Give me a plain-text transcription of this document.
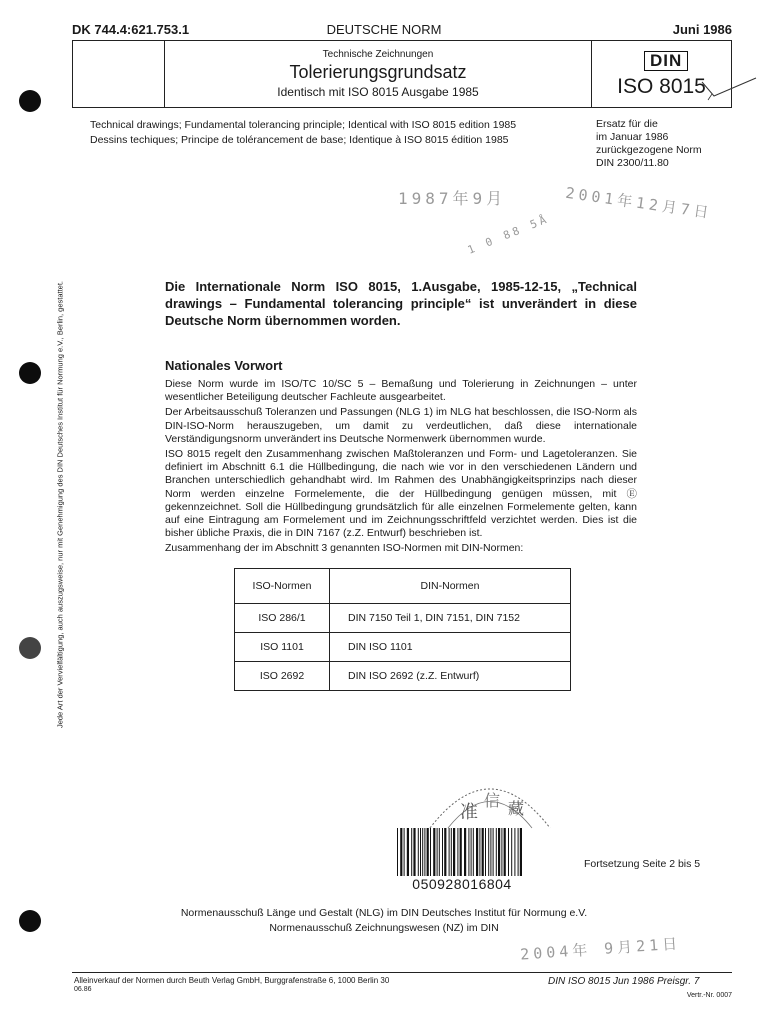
Jede Art der Vervielfältigung, auch auszugsweise, nur mit Genehmigung des DIN Deutsches Institut für Normung e.V., Berlin, gestattet.
DK 744.4:621.753.1	DEUTSCHE NORM	Juni 1986
Technische Zeichnungen
Tolerierungsgrundsatz
Identisch mit ISO 8015 Ausgabe 1985
DIN
ISO 8015
Technical drawings; Fundamental tolerancing principle; Identical with ISO 8015 edition 1985
Dessins techiques; Principe de tolérancement de base; Identique à ISO 8015 édition 1985
Ersatz für die
im Januar 1986
zurückgezogene Norm
DIN 2300/11.80
1987年9月	2001年12月7日
1 0 88 5Å
Die Internationale Norm ISO 8015, 1.Ausgabe, 1985-12-15, „Technical drawings – Fundamental tolerancing principle“ ist unverändert in diese Deutsche Norm übernommen worden.
Nationales Vorwort

Diese Norm wurde im ISO/TC 10/SC 5 – Bemaßung und Tolerierung in Zeichnungen – unter wesentlicher Beteiligung deutscher Fachleute ausgearbeitet.

Der Arbeitsausschuß Toleranzen und Passungen (NLG 1) im NLG hat beschlossen, die ISO-Norm als DIN-ISO-Norm herauszugeben, um damit zu verdeutlichen, daß diese internationale Verständigungsnorm unverändert ins Deutsche Normenwerk übernommen wurde.

ISO 8015 regelt den Zusammenhang zwischen Maßtoleranzen und Form- und Lagetoleranzen. Sie definiert im Abschnitt 6.1 die Hüllbedingung, die nach wie vor in den verschiedenen Ländern und Branchen unterschiedlich gehandhabt wird. Im Rahmen des Unabhängigkeitsprinzips nach dieser Norm werden einzelne Formelemente, die der Hüllbedingung genügen müssen, mit Ⓔ gekennzeichnet. Soll die Hüllbedingung grundsätzlich für alle einzelnen Formelemente gelten, kann auf eine Eintragung am Formelement und im Zeichnungsschriftfeld verzichtet werden. Dies ist die bisher übliche Praxis, die in DIN 7167 (z.Z. Entwurf) beschrieben ist.

Zusammenhang der im Abschnitt 3 genannten ISO-Normen mit DIN-Normen:

ISO-Normen	DIN-Normen
ISO 286/1	DIN 7150 Teil 1, DIN 7151, DIN 7152
ISO 1101	DIN ISO 1101
ISO 2692	DIN ISO 2692 (z.Z. Entwurf)
准
信 藏
050928016804
Fortsetzung Seite 2 bis 5
Normenausschuß Länge und Gestalt (NLG) im DIN Deutsches Institut für Normung e.V.
Normenausschuß Zeichnungswesen (NZ) im DIN
2004年 9月21日
Alleinverkauf der Normen durch Beuth Verlag GmbH, Burggrafenstraße 6, 1000 Berlin 30
06.86
DIN ISO 8015 Jun 1986 Preisgr. 7
Vertr.-Nr. 0007
